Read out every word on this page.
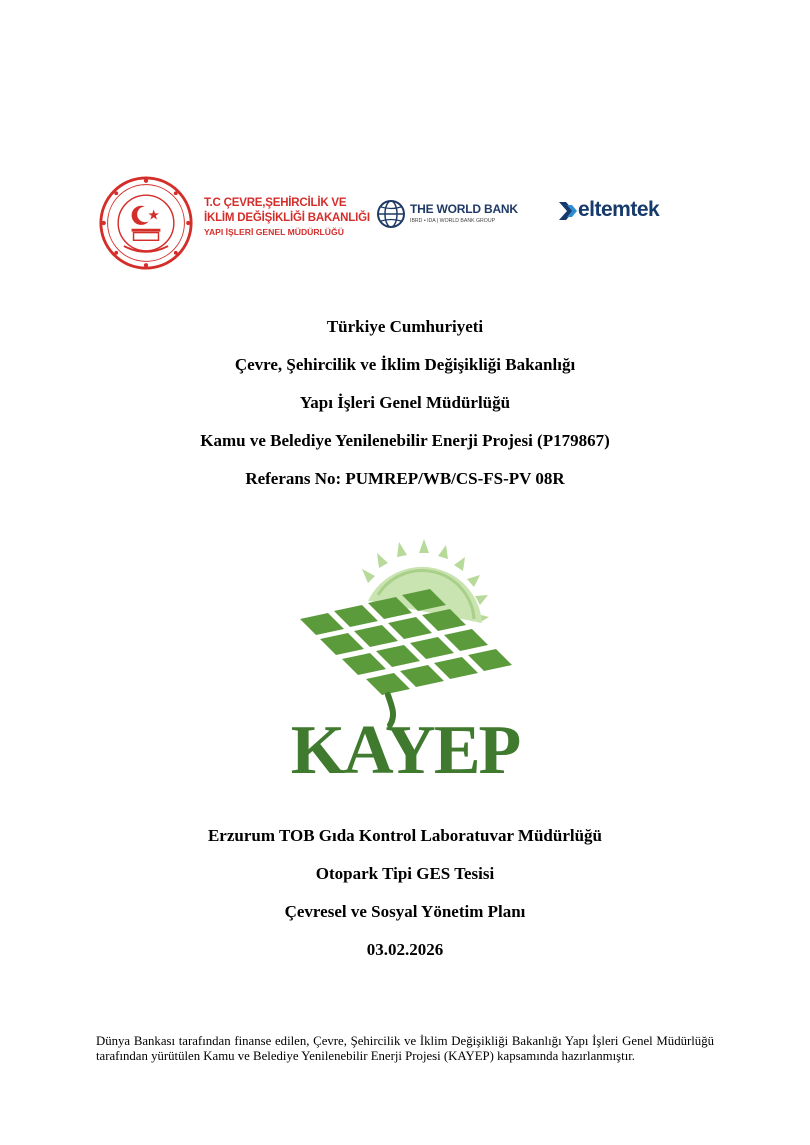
T.C ÇEVRE,ŞEHİRCİLİK VE
İKLİM DEĞİŞİKLİĞİ BAKANLIĞI
YAPI İŞLERİ GENEL MÜDÜRLÜĞÜ
THE WORLD BANK
IBRD • IDA | WORLD BANK GROUP	eltemtek
Türkiye Cumhuriyeti
Çevre, Şehircilik ve İklim Değişikliği Bakanlığı
Yapı İşleri Genel Müdürlüğü
Kamu ve Belediye Yenilenebilir Enerji Projesi (P179867)
Referans No: PUMREP/WB/CS-FS-PV 08R
KAYEP
Erzurum TOB Gıda Kontrol Laboratuvar Müdürlüğü
Otopark Tipi GES Tesisi
Çevresel ve Sosyal Yönetim Planı
03.02.2026
Dünya Bankası tarafından finanse edilen, Çevre, Şehircilik ve İklim Değişikliği Bakanlığı Yapı İşleri Genel Müdürlüğü tarafından yürütülen Kamu ve Belediye Yenilenebilir Enerji Projesi (KAYEP) kapsamında hazırlanmıştır.
